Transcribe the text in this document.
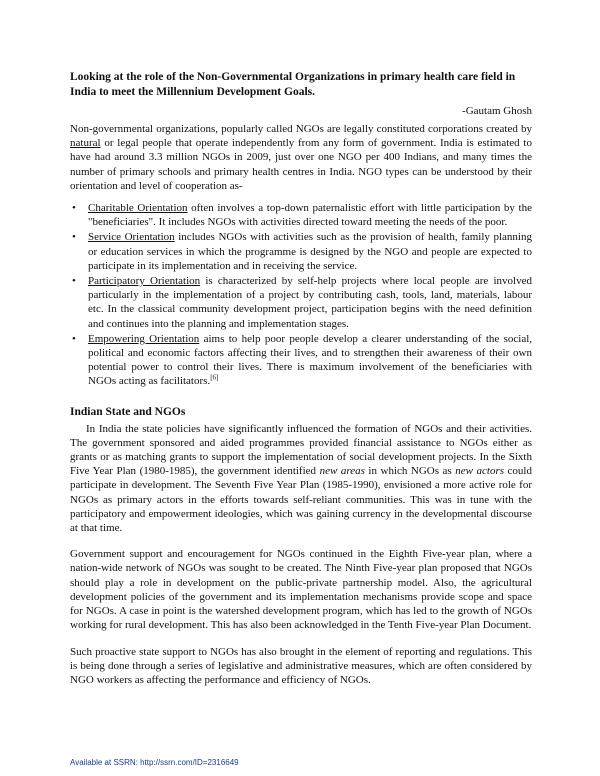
Looking at the role of the Non-Governmental Organizations in primary health care field in India to meet the Millennium Development Goals.

-Gautam Ghosh

Non-governmental organizations, popularly called NGOs are legally constituted corporations created by natural or legal people that operate independently from any form of government. India is estimated to have had around 3.3 million NGOs in 2009, just over one NGO per 400 Indians, and many times the number of primary schools and primary health centres in India. NGO types can be understood by their orientation and level of cooperation as-

• Charitable Orientation often involves a top-down paternalistic effort with little participation by the "beneficiaries". It includes NGOs with activities directed toward meeting the needs of the poor.
• Service Orientation includes NGOs with activities such as the provision of health, family planning or education services in which the programme is designed by the NGO and people are expected to participate in its implementation and in receiving the service.
• Participatory Orientation is characterized by self-help projects where local people are involved particularly in the implementation of a project by contributing cash, tools, land, materials, labour etc. In the classical community development project, participation begins with the need definition and continues into the planning and implementation stages.
• Empowering Orientation aims to help poor people develop a clearer understanding of the social, political and economic factors affecting their lives, and to strengthen their awareness of their own potential power to control their lives. There is maximum involvement of the beneficiaries with NGOs acting as facilitators.[6]
Indian State and NGOs

In India the state policies have significantly influenced the formation of NGOs and their activities. The government sponsored and aided programmes provided financial assistance to NGOs either as grants or as matching grants to support the implementation of social development projects. In the Sixth Five Year Plan (1980-1985), the government identified new areas in which NGOs as new actors could participate in development. The Seventh Five Year Plan (1985-1990), envisioned a more active role for NGOs as primary actors in the efforts towards self-reliant communities. This was in tune with the participatory and empowerment ideologies, which was gaining currency in the developmental discourse at that time.

Government support and encouragement for NGOs continued in the Eighth Five-year plan, where a nation-wide network of NGOs was sought to be created. The Ninth Five-year plan proposed that NGOs should play a role in development on the public-private partnership model. Also, the agricultural development policies of the government and its implementation mechanisms provide scope and space for NGOs. A case in point is the watershed development program, which has led to the growth of NGOs working for rural development. This has also been acknowledged in the Tenth Five-year Plan Document.

Such proactive state support to NGOs has also brought in the element of reporting and regulations. This is being done through a series of legislative and administrative measures, which are often considered by NGO workers as affecting the performance and efficiency of NGOs.

Available at SSRN: http://ssrn.com/ID=2316649
